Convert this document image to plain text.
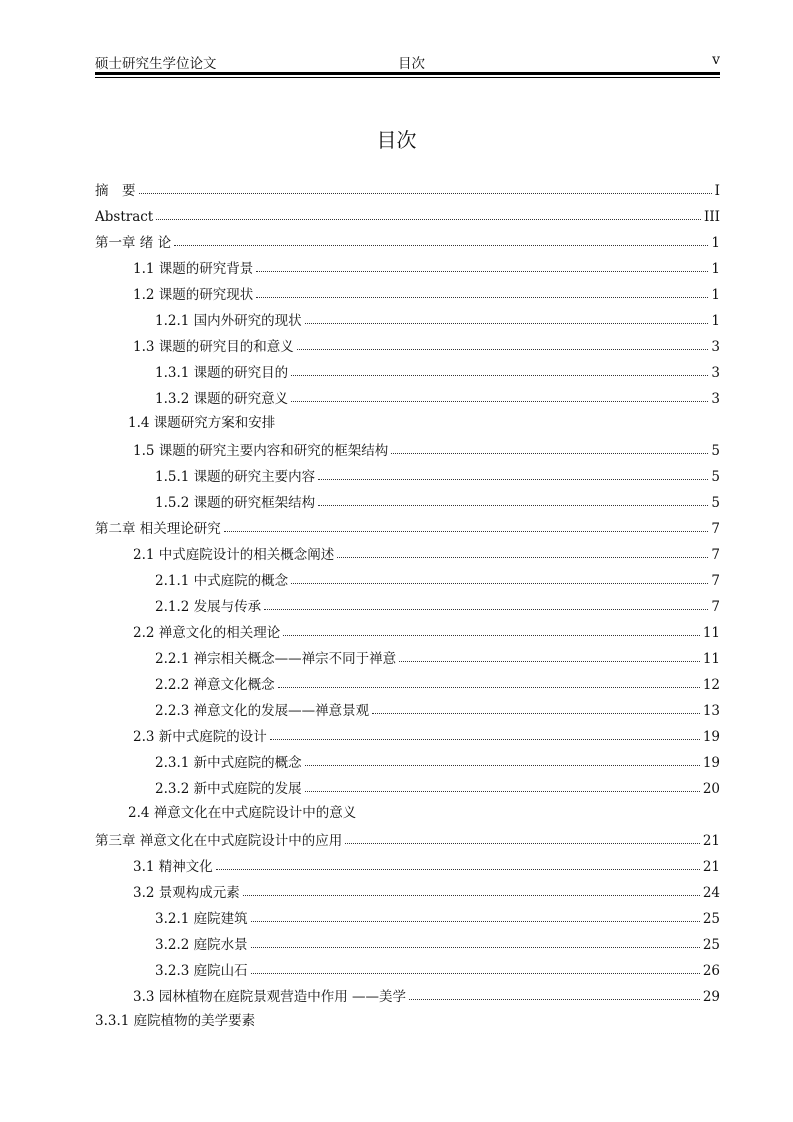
硕士研究生学位论文	目次	v
目次
摘　要	I
Abstract	III
第一章 绪 论	1
1.1 课题的研究背景	1
1.2 课题的研究现状	1
1.2.1 国内外研究的现状	1
1.3 课题的研究目的和意义	3
1.3.1 课题的研究目的	3
1.3.2 课题的研究意义	3
1.4 课题研究方案和安排
1.5 课题的研究主要内容和研究的框架结构	5
1.5.1 课题的研究主要内容	5
1.5.2 课题的研究框架结构	5
第二章 相关理论研究	7
2.1 中式庭院设计的相关概念阐述	7
2.1.1 中式庭院的概念	7
2.1.2 发展与传承	7
2.2 禅意文化的相关理论	11
2.2.1 禅宗相关概念——禅宗不同于禅意	11
2.2.2 禅意文化概念	12
2.2.3 禅意文化的发展——禅意景观	13
2.3 新中式庭院的设计	19
2.3.1 新中式庭院的概念	19
2.3.2 新中式庭院的发展	20
2.4 禅意文化在中式庭院设计中的意义
第三章 禅意文化在中式庭院设计中的应用	21
3.1 精神文化	21
3.2 景观构成元素	24
3.2.1 庭院建筑	25
3.2.2 庭院水景	25
3.2.3 庭院山石	26
3.3 园林植物在庭院景观营造中作用 ——美学	29
3.3.1 庭院植物的美学要素
